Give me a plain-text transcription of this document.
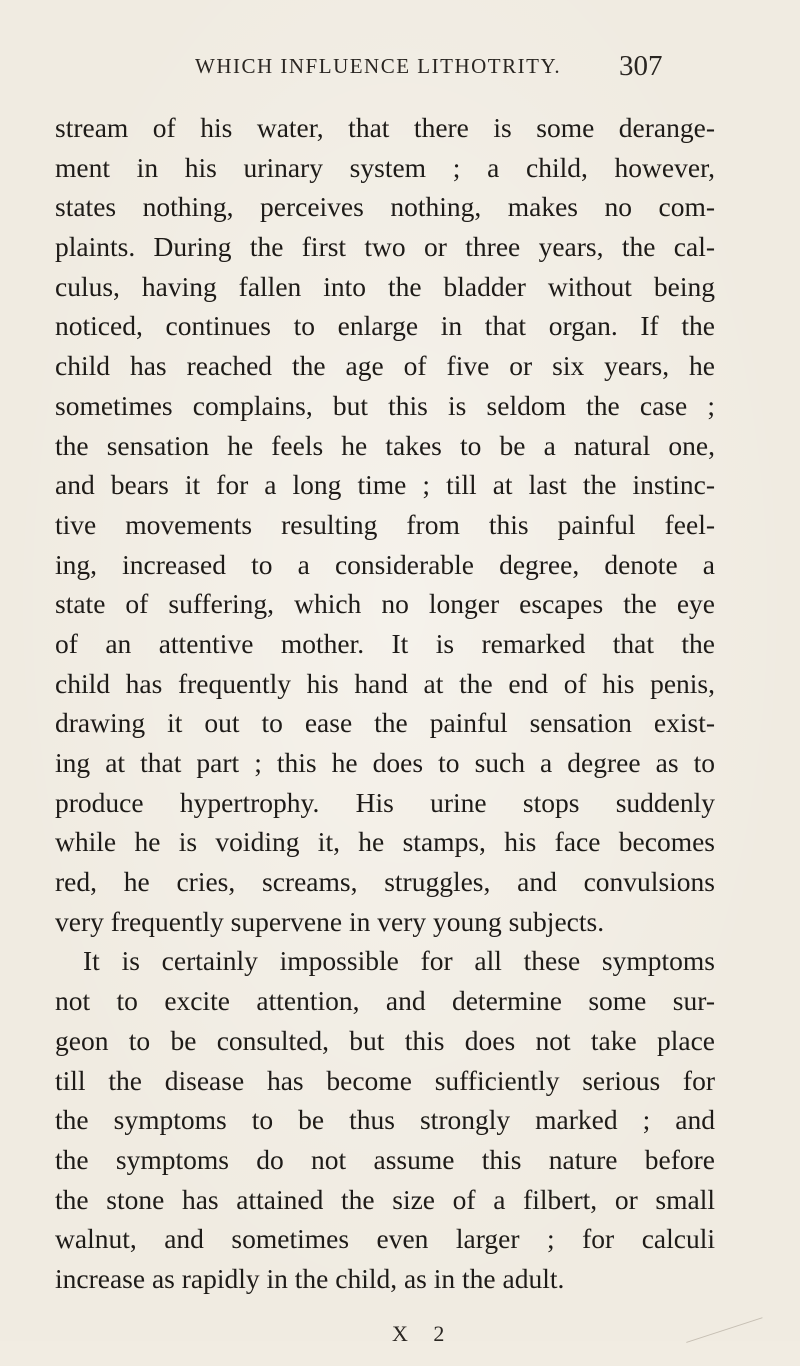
WHICH INFLUENCE LITHOTRITY. 307
stream of his water, that there is some derange-
ment in his urinary system ; a child, however,
states nothing, perceives nothing, makes no com-
plaints. During the first two or three years, the cal-
culus, having fallen into the bladder without being
noticed, continues to enlarge in that organ. If the
child has reached the age of five or six years, he
sometimes complains, but this is seldom the case ;
the sensation he feels he takes to be a natural one,
and bears it for a long time ; till at last the instinc-
tive movements resulting from this painful feel-
ing, increased to a considerable degree, denote a
state of suffering, which no longer escapes the eye
of an attentive mother. It is remarked that the
child has frequently his hand at the end of his penis,
drawing it out to ease the painful sensation exist-
ing at that part ; this he does to such a degree as to
produce hypertrophy. His urine stops suddenly
while he is voiding it, he stamps, his face becomes
red, he cries, screams, struggles, and convulsions
very frequently supervene in very young subjects.
It is certainly impossible for all these symptoms
not to excite attention, and determine some sur-
geon to be consulted, but this does not take place
till the disease has become sufficiently serious for
the symptoms to be thus strongly marked ; and
the symptoms do not assume this nature before
the stone has attained the size of a filbert, or small
walnut, and sometimes even larger ; for calculi
increase as rapidly in the child, as in the adult.
X 2
